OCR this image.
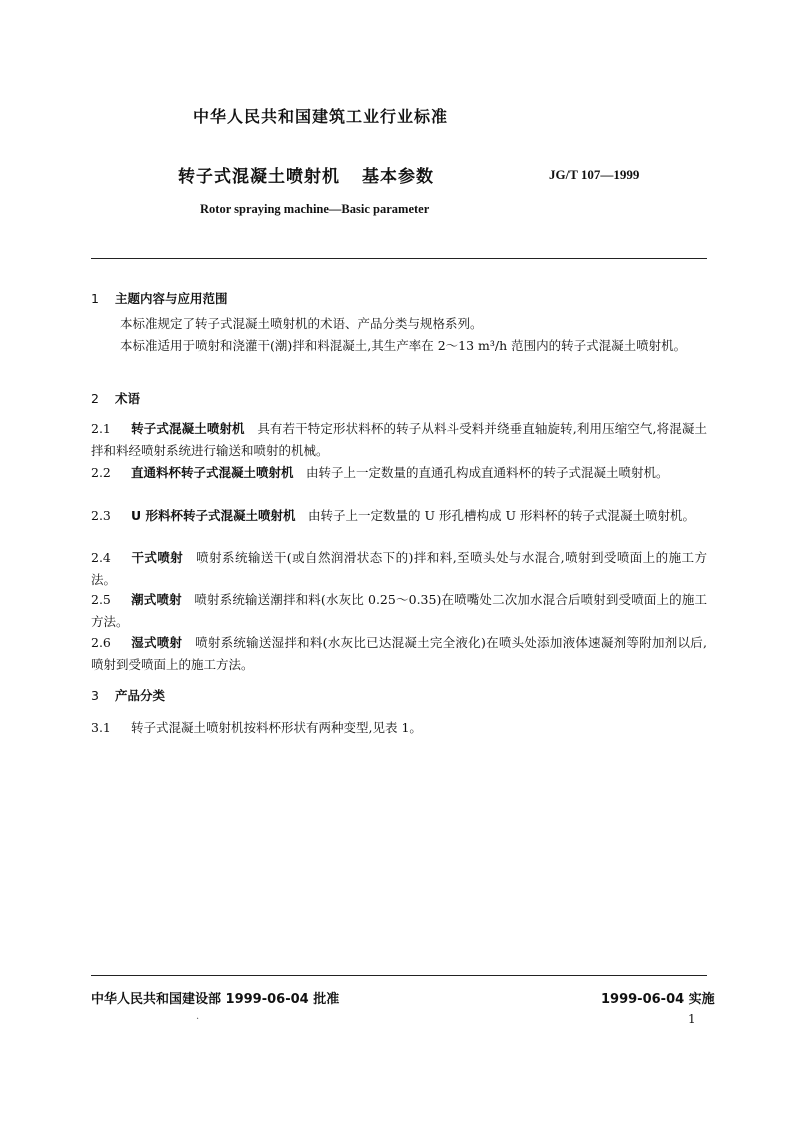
中华人民共和国建筑工业行业标准
转子式混凝土喷射机 基本参数	JG/T 107—1999
Rotor spraying machine—Basic parameter
1 主题内容与应用范围
本标准规定了转子式混凝土喷射机的术语、产品分类与规格系列。
本标准适用于喷射和浇灌干(潮)拌和料混凝土,其生产率在 2～13 m³/h 范围内的转子式混凝土喷射机。
2 术语
2.1 转子式混凝土喷射机　 具有若干特定形状料杯的转子从料斗受料并绕垂直轴旋转,利用压缩空气,将混凝土拌和料经喷射系统进行输送和喷射的机械。
2.2 直通料杯转子式混凝土喷射机　 由转子上一定数量的直通孔构成直通料杯的转子式混凝土喷射机。
2.3 U 形料杯转子式混凝土喷射机　 由转子上一定数量的 U 形孔槽构成 U 形料杯的转子式混凝土喷射机。
2.4 干式喷射　 喷射系统输送干(或自然润滑状态下的)拌和料,至喷头处与水混合,喷射到受喷面上的施工方法。
2.5 潮式喷射　 喷射系统输送潮拌和料(水灰比 0.25～0.35)在喷嘴处二次加水混合后喷射到受喷面上的施工方法。
2.6 湿式喷射　 喷射系统输送湿拌和料(水灰比已达混凝土完全液化)在喷头处添加液体速凝剂等附加剂以后,喷射到受喷面上的施工方法。
3 产品分类
3.1 转子式混凝土喷射机按料杯形状有两种变型,见表 1。
中华人民共和国建设部 1999-06-04 批准	1999-06-04 实施
·	1
